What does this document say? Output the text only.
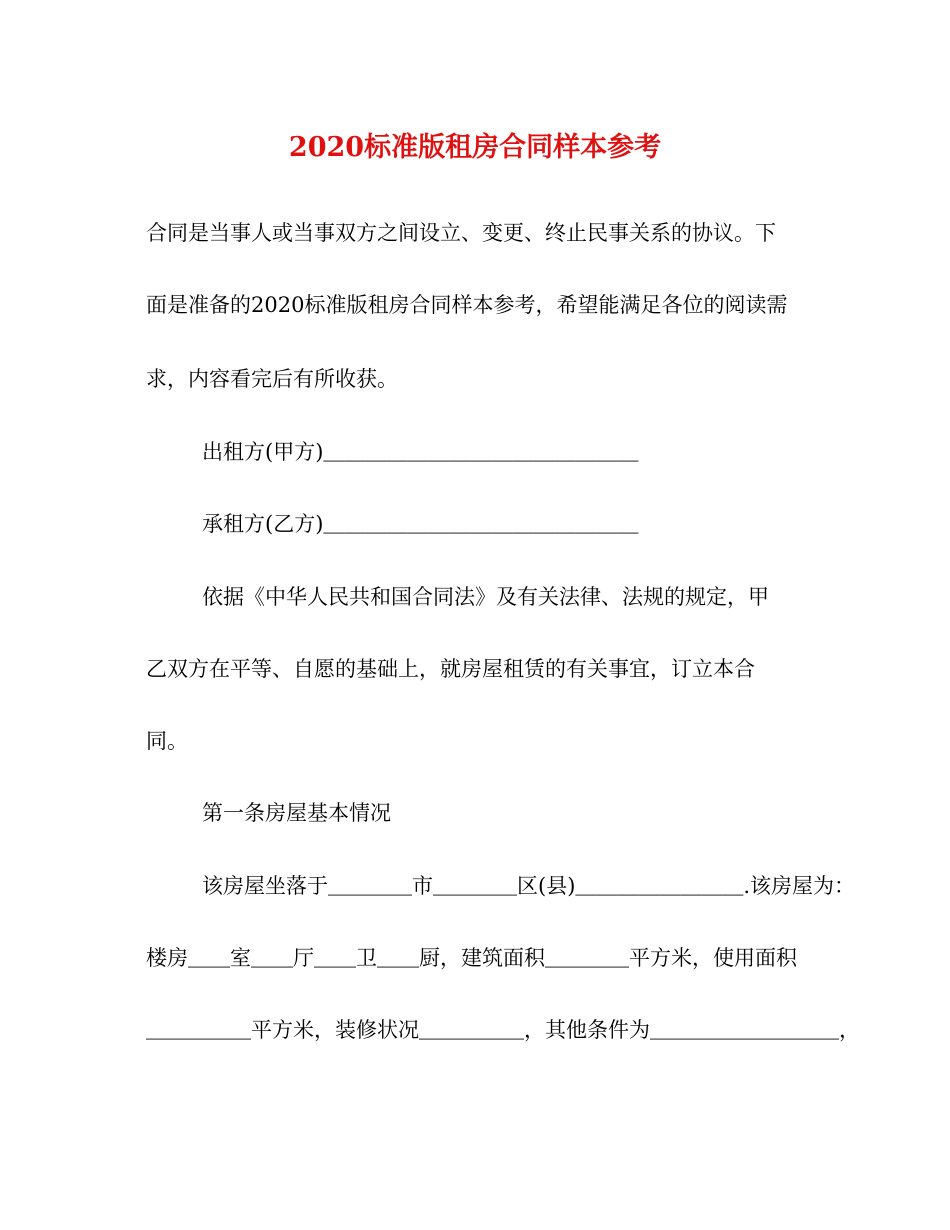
2020标准版租房合同样本参考
合同是当事人或当事双方之间设立、变更、终止民事关系的协议。下
面是准备的2020标准版租房合同样本参考，希望能满足各位的阅读需
求，内容看完后有所收获。
出租方(甲方)＿＿＿＿＿＿＿＿＿＿＿＿＿＿＿
承租方(乙方)＿＿＿＿＿＿＿＿＿＿＿＿＿＿＿
依据《中华人民共和国合同法》及有关法律、法规的规定，甲
乙双方在平等、自愿的基础上，就房屋租赁的有关事宜，订立本合
同。
第一条房屋基本情况
该房屋坐落于＿＿＿＿市＿＿＿＿区(县)＿＿＿＿＿＿＿＿.该房屋为：
楼房＿＿室＿＿厅＿＿卫＿＿厨，建筑面积＿＿＿＿平方米，使用面积
＿＿＿＿＿平方米，装修状况＿＿＿＿＿，其他条件为＿＿＿＿＿＿＿＿＿，
